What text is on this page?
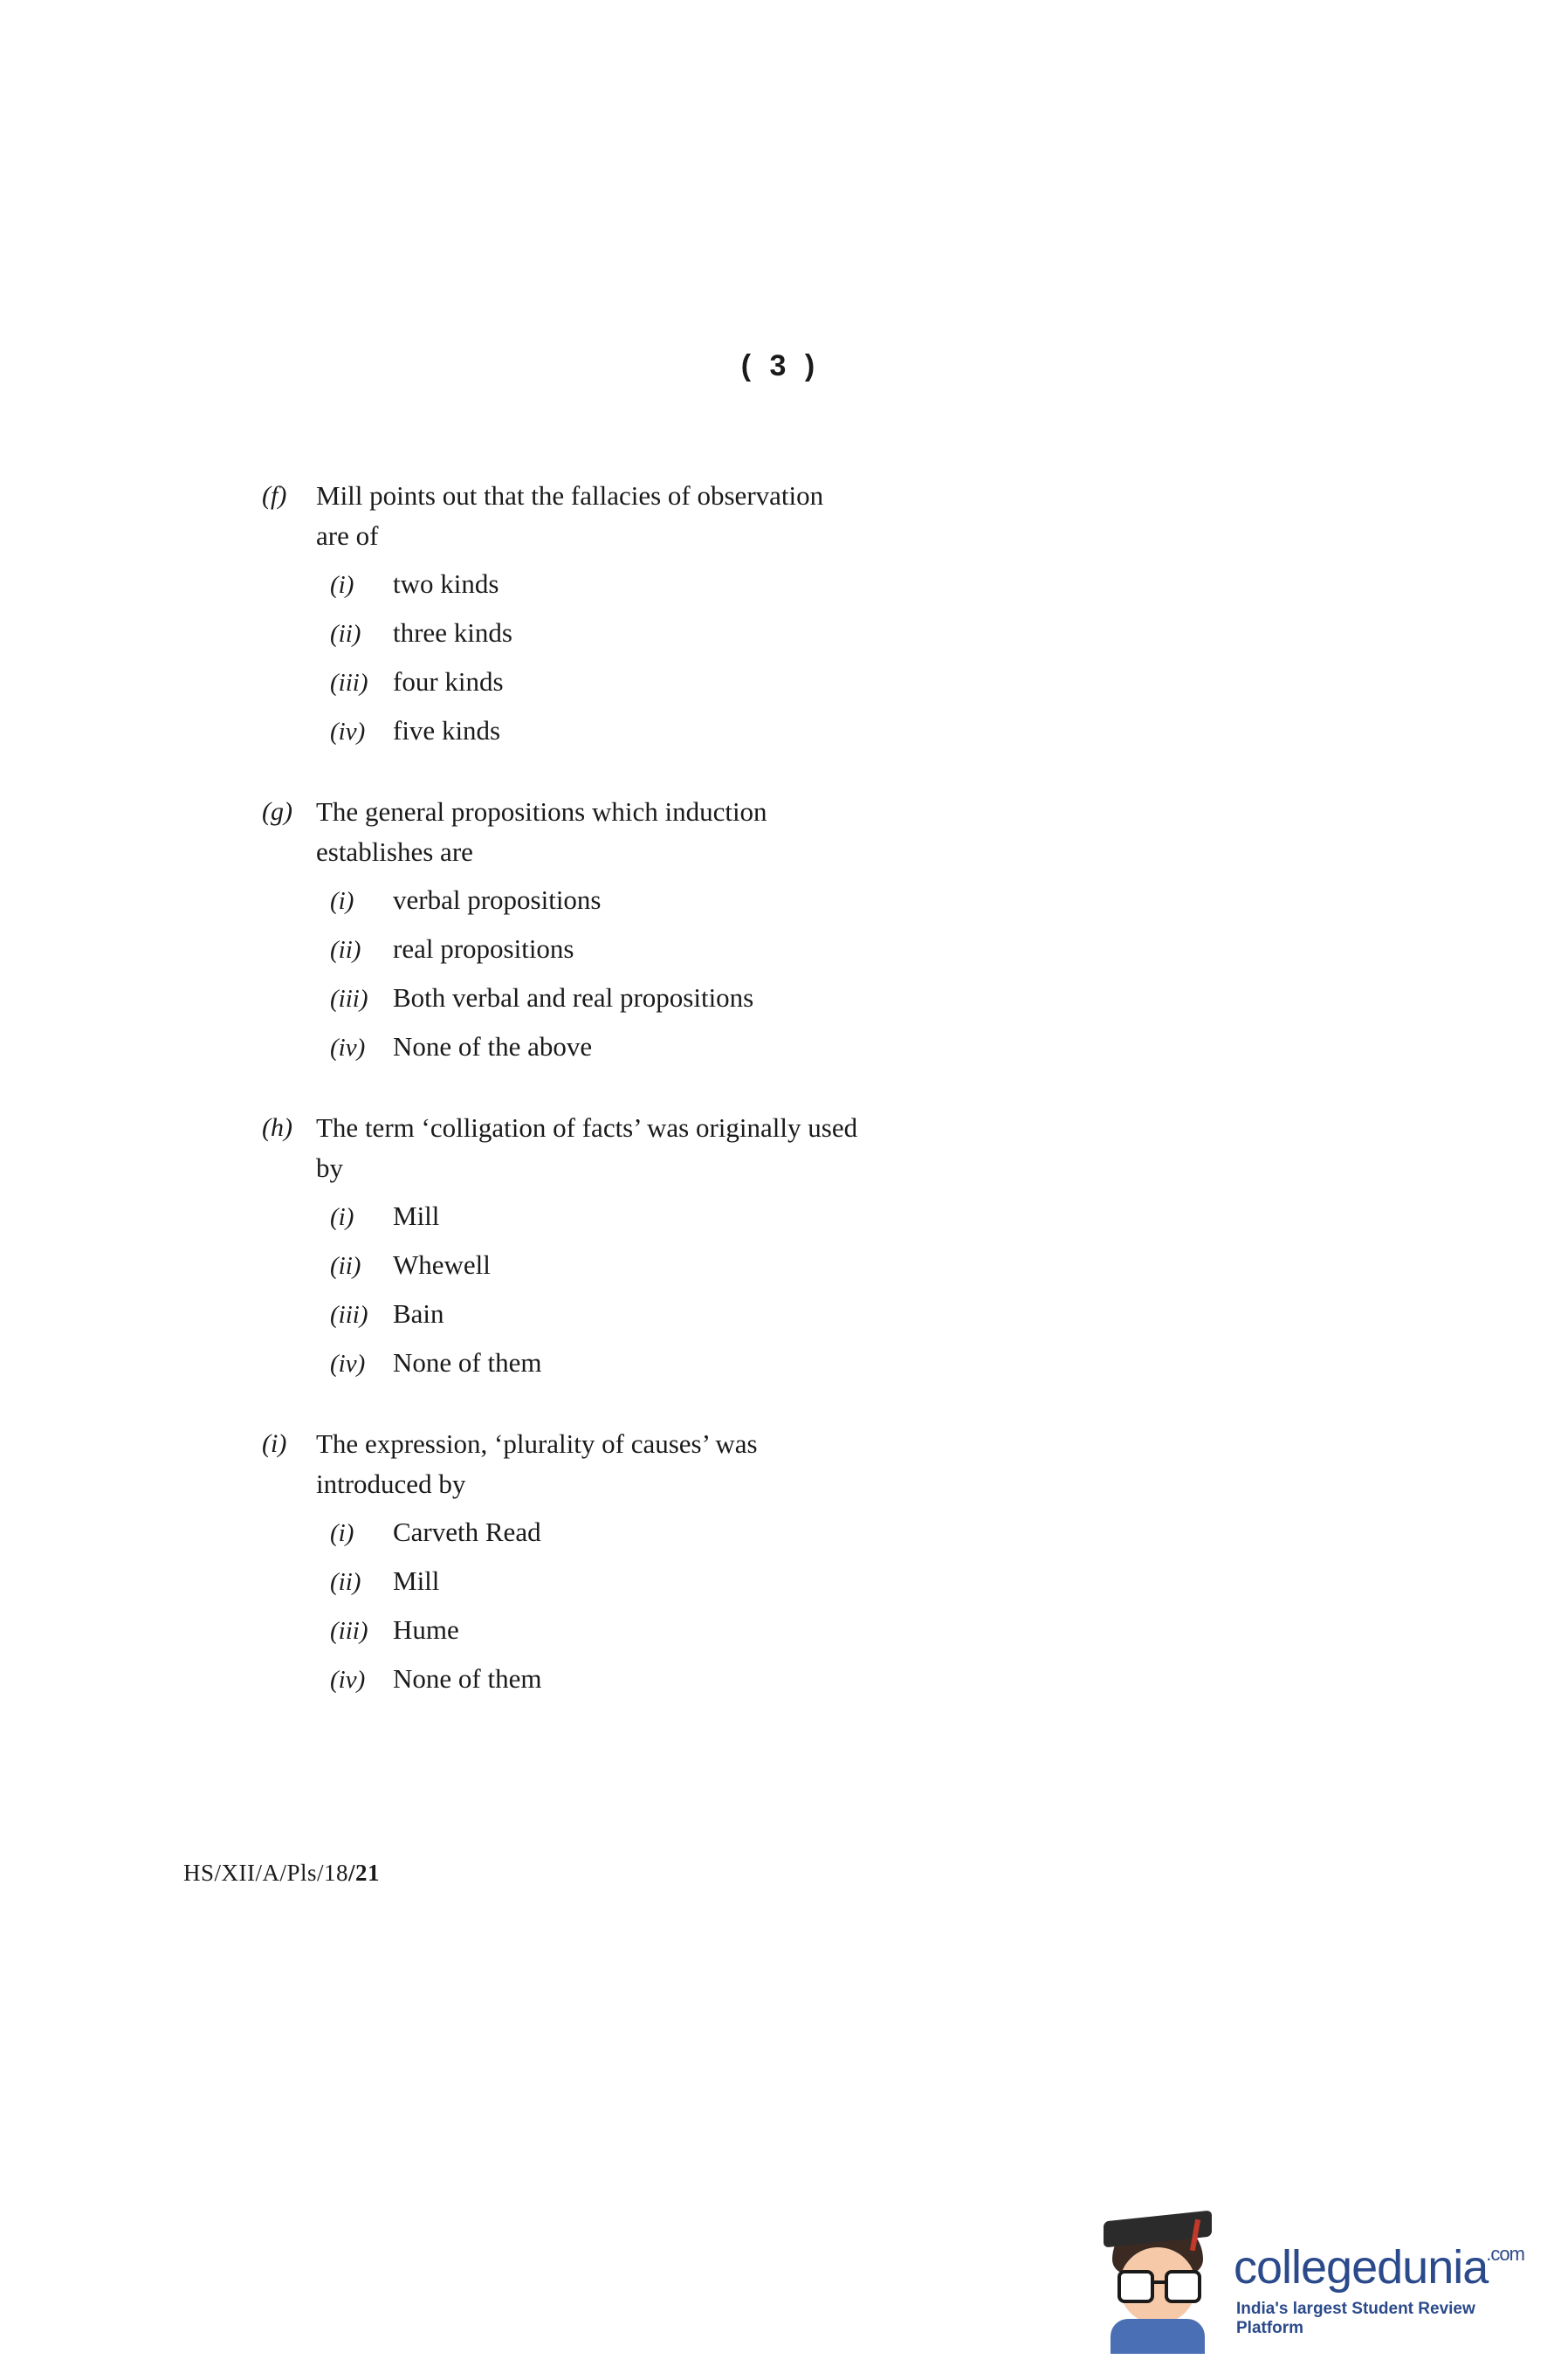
( 3 )
(f)	Mill points out that the fallacies of observation
are of
(i)	two kinds
(ii)	three kinds
(iii) four kinds
(iv)	five kinds
(g) The general propositions which induction
establishes are
(i)	verbal propositions
(ii)	real propositions
(iii) Both verbal and real propositions
(iv)	None of the above
(h) The term ‘colligation of facts’ was originally used
by
(i)	Mill
(ii)	Whewell
(iii) Bain
(iv)	None of them
(i)	The expression, ‘plurality of causes’ was
introduced by
(i)	Carveth Read
(ii)	Mill
(iii) Hume
(iv)	None of them
HS/XII/A/Pls/18/21
collegedunia$^{.com}$
India's largest Student Review Platform
